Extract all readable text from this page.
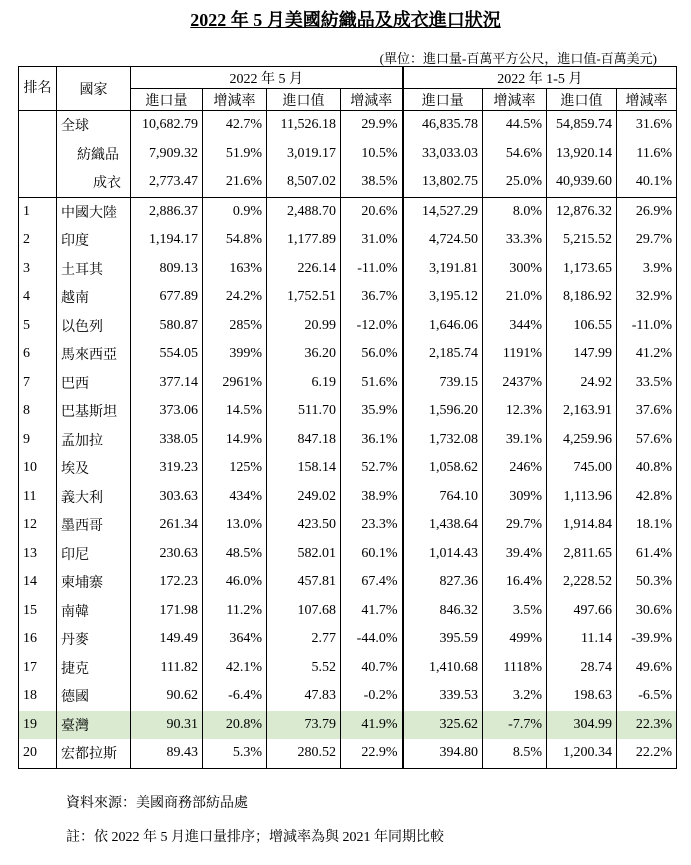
2022 年 5 月美國紡織品及成衣進口狀況
(單位：進口量-百萬平方公尺，進口值-百萬美元)
排名	國家	2022 年 5 月				2022 年 1-5 月			
		進口量	增減率	進口值	增減率	進口量	增減率	進口值	增減率
	全球	10,682.79	42.7%	11,526.18	29.9%	46,835.78	44.5%	54,859.74	31.6%
	紡織品	7,909.32	51.9%	3,019.17	10.5%	33,033.03	54.6%	13,920.14	11.6%
	成衣	2,773.47	21.6%	8,507.02	38.5%	13,802.75	25.0%	40,939.60	40.1%
1	中國大陸	2,886.37	0.9%	2,488.70	20.6%	14,527.29	8.0%	12,876.32	26.9%
2	印度	1,194.17	54.8%	1,177.89	31.0%	4,724.50	33.3%	5,215.52	29.7%
3	土耳其	809.13	163%	226.14	-11.0%	3,191.81	300%	1,173.65	3.9%
4	越南	677.89	24.2%	1,752.51	36.7%	3,195.12	21.0%	8,186.92	32.9%
5	以色列	580.87	285%	20.99	-12.0%	1,646.06	344%	106.55	-11.0%
6	馬來西亞	554.05	399%	36.20	56.0%	2,185.74	1191%	147.99	41.2%
7	巴西	377.14	2961%	6.19	51.6%	739.15	2437%	24.92	33.5%
8	巴基斯坦	373.06	14.5%	511.70	35.9%	1,596.20	12.3%	2,163.91	37.6%
9	孟加拉	338.05	14.9%	847.18	36.1%	1,732.08	39.1%	4,259.96	57.6%
10	埃及	319.23	125%	158.14	52.7%	1,058.62	246%	745.00	40.8%
11	義大利	303.63	434%	249.02	38.9%	764.10	309%	1,113.96	42.8%
12	墨西哥	261.34	13.0%	423.50	23.3%	1,438.64	29.7%	1,914.84	18.1%
13	印尼	230.63	48.5%	582.01	60.1%	1,014.43	39.4%	2,811.65	61.4%
14	柬埔寨	172.23	46.0%	457.81	67.4%	827.36	16.4%	2,228.52	50.3%
15	南韓	171.98	11.2%	107.68	41.7%	846.32	3.5%	497.66	30.6%
16	丹麥	149.49	364%	2.77	-44.0%	395.59	499%	11.14	-39.9%
17	捷克	111.82	42.1%	5.52	40.7%	1,410.68	1118%	28.74	49.6%
18	德國	90.62	-6.4%	47.83	-0.2%	339.53	3.2%	198.63	-6.5%
19	臺灣	90.31	20.8%	73.79	41.9%	325.62	-7.7%	304.99	22.3%
20	宏都拉斯	89.43	5.3%	280.52	22.9%	394.80	8.5%	1,200.34	22.2%
資料來源：美國商務部紡品處
註：依 2022 年 5 月進口量排序；增減率為與 2021 年同期比較
